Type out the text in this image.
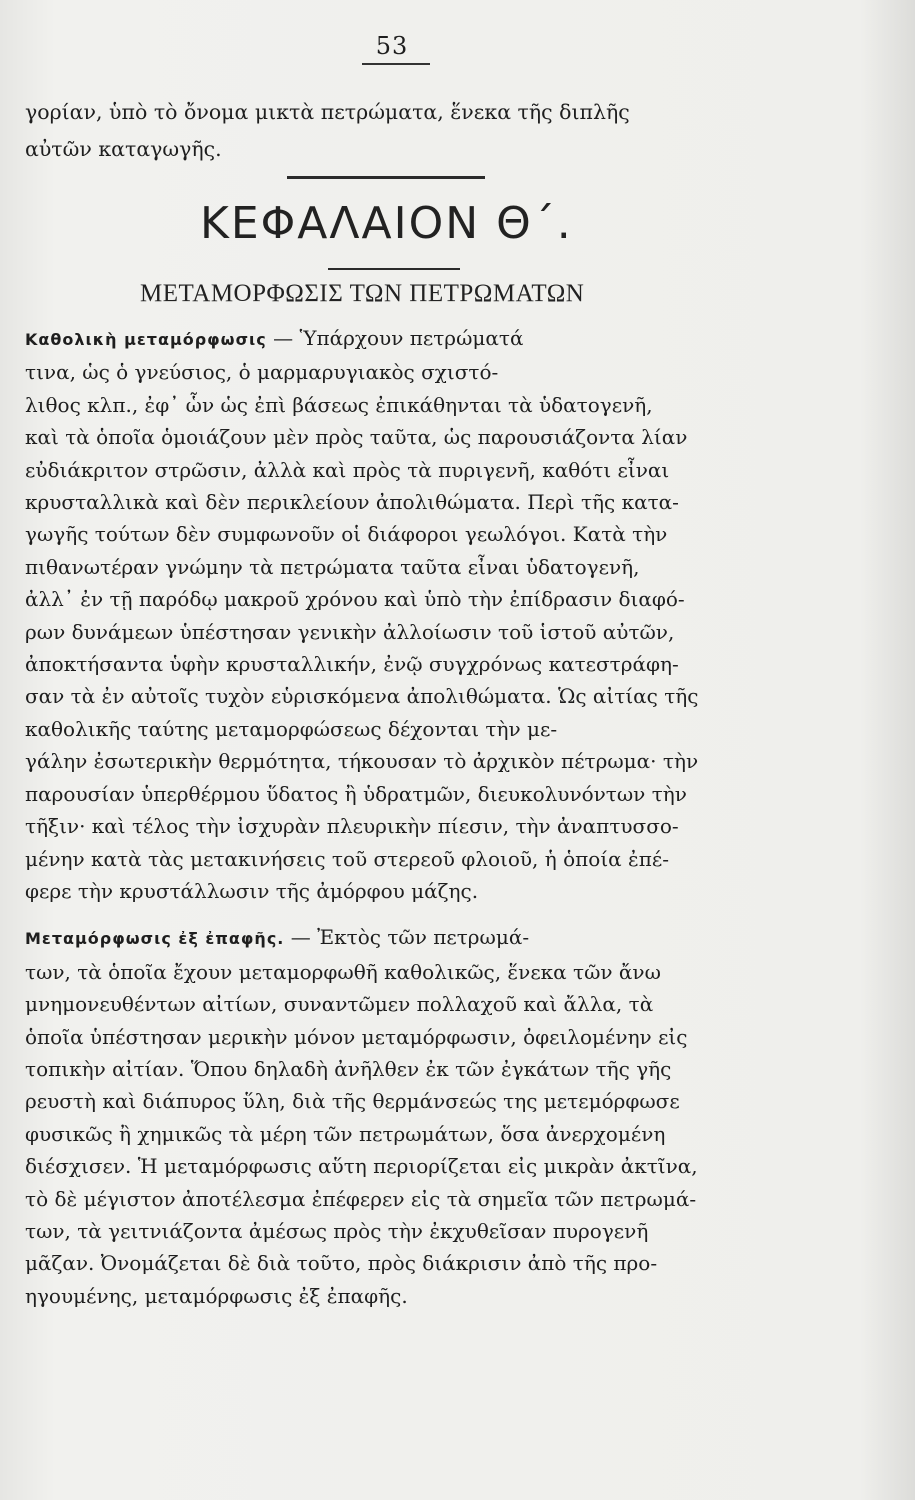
53
γορίαν, ὑπὸ τὸ ὄνομα μικτὰ πετρώματα, ἕνεκα τῆς διπλῆς
αὐτῶν καταγωγῆς.
ΚΕΦΑΛΑΙΟΝ Θ΄.
ΜΕΤΑΜΟΡΦΩΣΙΣ ΤΩΝ ΠΕΤΡΩΜΑΤΩΝ
Καθολικὴ μεταμόρφωσις — Ὑπάρχουν πετρώματά
τινα, ὡς ὁ γνεύσιος, ὁ μαρμαρυγιακὸς σχιστό-
λιθος κλπ., ἐφ᾽ ὧν ὡς ἐπὶ βάσεως ἐπικάθηνται τὰ ὑδατογενῆ,
καὶ τὰ ὁποῖα ὁμοιάζουν μὲν πρὸς ταῦτα, ὡς παρουσιάζοντα λίαν
εὐδιάκριτον στρῶσιν, ἀλλὰ καὶ πρὸς τὰ πυριγενῆ, καθότι εἶναι
κρυσταλλικὰ καὶ δὲν περικλείουν ἀπολιθώματα. Περὶ τῆς κατα-
γωγῆς τούτων δὲν συμφωνοῦν οἱ διάφοροι γεωλόγοι. Κατὰ τὴν
πιθανωτέραν γνώμην τὰ πετρώματα ταῦτα εἶναι ὑδατογενῆ,
ἀλλ᾽ ἐν τῇ παρόδῳ μακροῦ χρόνου καὶ ὑπὸ τὴν ἐπίδρασιν διαφό-
ρων δυνάμεων ὑπέστησαν γενικὴν ἀλλοίωσιν τοῦ ἱστοῦ αὐτῶν,
ἀποκτήσαντα ὑφὴν κρυσταλλικήν, ἐνῷ συγχρόνως κατεστράφη-
σαν τὰ ἐν αὐτοῖς τυχὸν εὑρισκόμενα ἀπολιθώματα. Ὡς αἰτίας τῆς
καθολικῆς ταύτης μεταμορφώσεως δέχονται τὴν με-
γάλην ἐσωτερικὴν θερμότητα, τήκουσαν τὸ ἀρχικὸν πέτρωμα· τὴν
παρουσίαν ὑπερθέρμου ὕδατος ἢ ὑδρατμῶν, διευκολυνόντων τὴν
τῆξιν· καὶ τέλος τὴν ἰσχυρὰν πλευρικὴν πίεσιν, τὴν ἀναπτυσσο-
μένην κατὰ τὰς μετακινήσεις τοῦ στερεοῦ φλοιοῦ, ἡ ὁποία ἐπέ-
φερε τὴν κρυστάλλωσιν τῆς ἀμόρφου μάζης.
Μεταμόρφωσις ἐξ ἐπαφῆς. — Ἐκτὸς τῶν πετρωμά-
των, τὰ ὁποῖα ἔχουν μεταμορφωθῆ καθολικῶς, ἕνεκα τῶν ἄνω
μνημονευθέντων αἰτίων, συναντῶμεν πολλαχοῦ καὶ ἄλλα, τὰ
ὁποῖα ὑπέστησαν μερικὴν μόνον μεταμόρφωσιν, ὀφειλομένην εἰς
τοπικὴν αἰτίαν. Ὅπου δηλαδὴ ἀνῆλθεν ἐκ τῶν ἐγκάτων τῆς γῆς
ρευστὴ καὶ διάπυρος ὕλη, διὰ τῆς θερμάνσεώς της μετεμόρφωσε
φυσικῶς ἢ χημικῶς τὰ μέρη τῶν πετρωμάτων, ὅσα ἀνερχομένη
διέσχισεν. Ἡ μεταμόρφωσις αὕτη περιορίζεται εἰς μικρὰν ἀκτῖνα,
τὸ δὲ μέγιστον ἀποτέλεσμα ἐπέφερεν εἰς τὰ σημεῖα τῶν πετρωμά-
των, τὰ γειτνιάζοντα ἀμέσως πρὸς τὴν ἐκχυθεῖσαν πυρογενῆ
μᾶζαν. Ὀνομάζεται δὲ διὰ τοῦτο, πρὸς διάκρισιν ἀπὸ τῆς προ-
ηγουμένης, μεταμόρφωσις ἐξ ἐπαφῆς.
